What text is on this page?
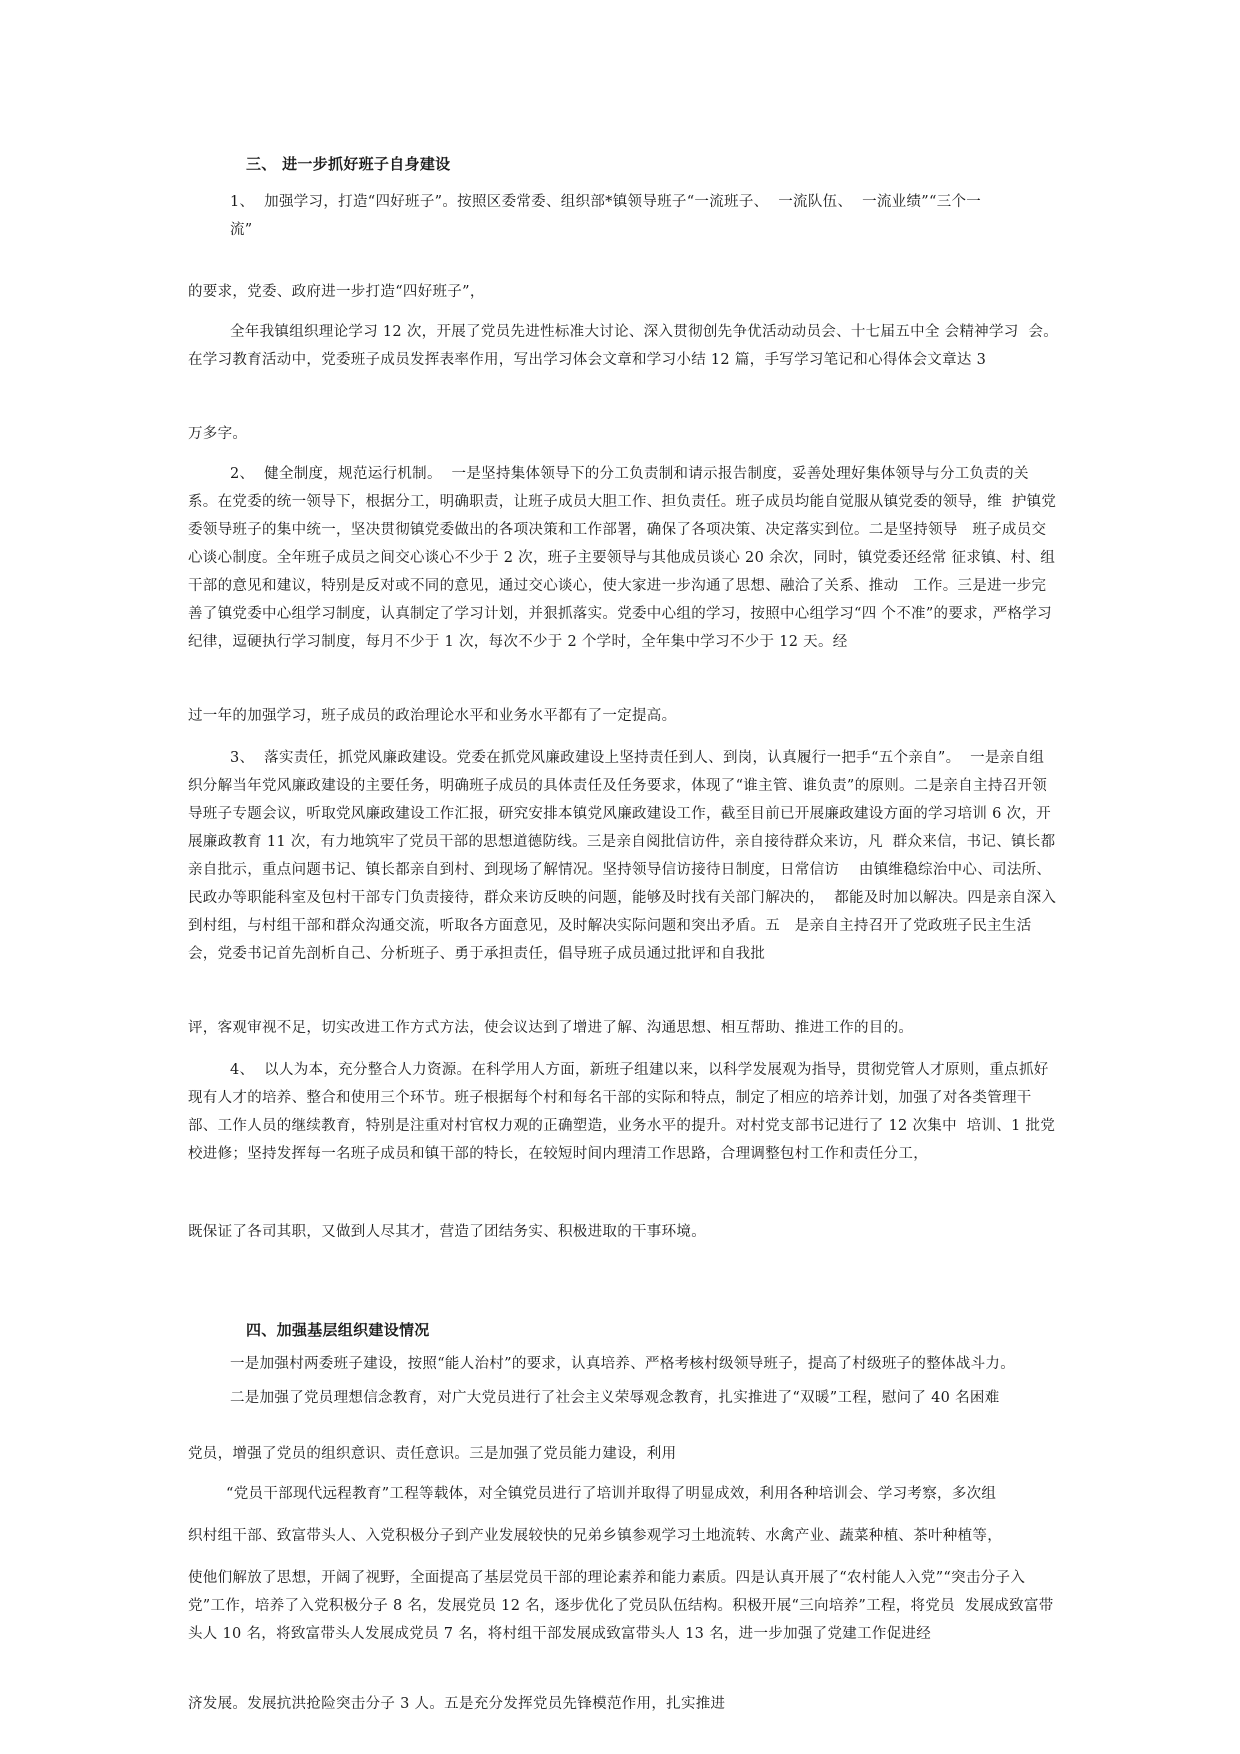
三、 进一步抓好班子自身建设

1、  加强学习，打造“四好班子”。按照区委常委、组织部*镇领导班子“一流班子、  一流队伍、  一流业绩”“三个一
流”

的要求，党委、政府进一步打造“四好班子”，

全年我镇组织理论学习 12 次，开展了党员先进性标准大讨论、深入贯彻创先争优活动动员会、十七届五中全 会精神学习  会。在学习教育活动中，党委班子成员发挥表率作用，写出学习体会文章和学习小结 12 篇，手写学习笔记和心得体会文章达 3

万多字。

2、  健全制度，规范运行机制。  一是坚持集体领导下的分工负责制和请示报告制度，妥善处理好集体领导与分工负责的关 系。在党委的统一领导下，根据分工，明确职责，让班子成员大胆工作、担负责任。班子成员均能自觉服从镇党委的领导，维  护镇党委领导班子的集中统一，坚决贯彻镇党委做出的各项决策和工作部署，确保了各项决策、决定落实到位。二是坚持领导   班子成员交心谈心制度。全年班子成员之间交心谈心不少于 2 次，班子主要领导与其他成员谈心 20 余次，同时，镇党委还经常 征求镇、村、组干部的意见和建议，特别是反对或不同的意见，通过交心谈心，使大家进一步沟通了思想、融洽了关系、推动   工作。三是进一步完善了镇党委中心组学习制度，认真制定了学习计划，并狠抓落实。党委中心组的学习，按照中心组学习“四 个不准”的要求，严格学习纪律，逗硬执行学习制度，每月不少于 1 次，每次不少于 2 个学时，全年集中学习不少于 12 天。经

过一年的加强学习，班子成员的政治理论水平和业务水平都有了一定提高。

3、  落实责任，抓党风廉政建设。党委在抓党风廉政建设上坚持责任到人、到岗，认真履行一把手“五个亲自”。  一是亲自组织分解当年党风廉政建设的主要任务，明确班子成员的具体责任及任务要求，体现了“谁主管、谁负责”的原则。二是亲自主持召开领导班子专题会议，听取党风廉政建设工作汇报，研究安排本镇党风廉政建设工作，截至目前已开展廉政建设方面的学习培训 6 次，开展廉政教育 11 次，有力地筑牢了党员干部的思想道德防线。三是亲自阅批信访件，亲自接待群众来访，凡  群众来信，书记、镇长都亲自批示，重点问题书记、镇长都亲自到村、到现场了解情况。坚持领导信访接待日制度，日常信访    由镇维稳综治中心、司法所、民政办等职能科室及包村干部专门负责接待，群众来访反映的问题，能够及时找有关部门解决的，  都能及时加以解决。四是亲自深入到村组，与村组干部和群众沟通交流，听取各方面意见，及时解决实际问题和突出矛盾。五   是亲自主持召开了党政班子民主生活会，党委书记首先剖析自己、分析班子、勇于承担责任，倡导班子成员通过批评和自我批

评，客观审视不足，切实改进工作方式方法，使会议达到了增进了解、沟通思想、相互帮助、推进工作的目的。

4、  以人为本，充分整合人力资源。在科学用人方面，新班子组建以来，以科学发展观为指导，贯彻党管人才原则，重点抓好现有人才的培养、整合和使用三个环节。班子根据每个村和每名干部的实际和特点，制定了相应的培养计划，加强了对各类管理干部、工作人员的继续教育，特别是注重对村官权力观的正确塑造，业务水平的提升。对村党支部书记进行了 12 次集中  培训、1 批党校进修；坚持发挥每一名班子成员和镇干部的特长，在较短时间内理清工作思路，合理调整包村工作和责任分工，

既保证了各司其职，又做到人尽其才，营造了团结务实、积极进取的干事环境。

四、加强基层组织建设情况

一是加强村两委班子建设，按照“能人治村”的要求，认真培养、严格考核村级领导班子，提高了村级班子的整体战斗力。

二是加强了党员理想信念教育，对广大党员进行了社会主义荣辱观念教育，扎实推进了“双暖”工程，慰问了 40 名困难

党员，增强了党员的组织意识、责任意识。三是加强了党员能力建设，利用

“党员干部现代远程教育”工程等载体，对全镇党员进行了培训并取得了明显成效，利用各种培训会、学习考察，多次组

织村组干部、致富带头人、入党积极分子到产业发展较快的兄弟乡镇参观学习土地流转、水禽产业、蔬菜种植、茶叶种植等，

使他们解放了思想，开阔了视野，全面提高了基层党员干部的理论素养和能力素质。四是认真开展了“农村能人入党”“突击分子入党”工作，培养了入党积极分子 8 名，发展党员 12 名，逐步优化了党员队伍结构。积极开展“三向培养”工程，将党员  发展成致富带头人 10 名，将致富带头人发展成党员 7 名，将村组干部发展成致富带头人 13 名，进一步加强了党建工作促进经

济发展。发展抗洪抢险突击分子 3 人。五是充分发挥党员先锋模范作用，扎实推进
